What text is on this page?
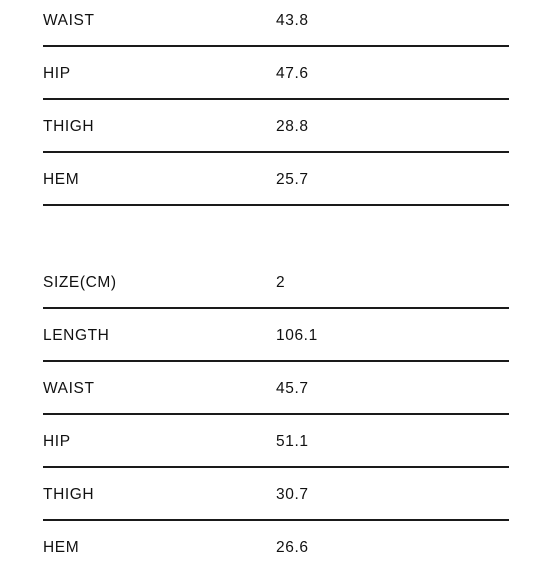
WAIST	43.8
HIP	47.6
THIGH	28.8
HEM	25.7
SIZE(CM)	2
LENGTH	106.1
WAIST	45.7
HIP	51.1
THIGH	30.7
HEM	26.6
